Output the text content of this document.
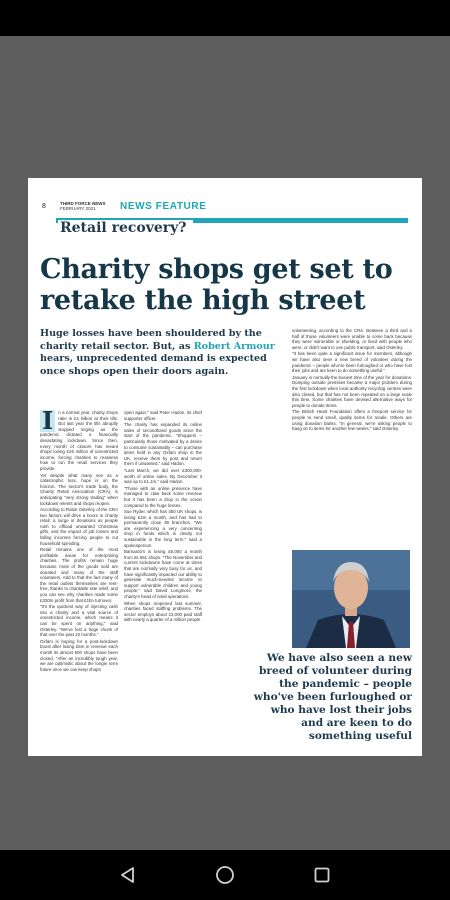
8	THIRD FORCE NEWS
FEBRUARY 2021	NEWS FEATURE
Retail recovery?
Charity shops get set to retake the high street
Huge losses have been shouldered by the charity retail sector. But, as Robert Armour hears, unprecedented demand is expected once shops open their doors again.
I	n a normal year, charity shops rake in £1 billion at their tills. But last year the tills abruptly stopped ringing as the pandemic dictated a financially devastating lockdown. Since then, every month of closure has meant shops losing £26 million of unrestricted income, forcing charities to reassess how to run the retail services they provide.

Yet despite what many see as a catastrophic loss, hope is on the horizon. The sector's trade body, the Charity Retail Association (CRA), is anticipating "very strong trading" when lockdown relents and shops reopen.

According to Robin Osterley of the CRA two factors will drive a boom in charity retail: a surge in donations as people rush to offload unwanted Christmas gifts, and the impact of job losses and falling incomes forcing people to cut household spending.

Retail remains one of the most profitable areas for enterprising charities. The profits remain huge because most of the goods sold are donated and many of the staff volunteers. Add to that the fact many of the retail outlets themselves are rent-free, thanks to charitable rate relief, and you can see why charities made some £330m profit from that £1bn turnover.

"It's the quickest way of injecting cash into a charity and a vital source of unrestricted income, which means it can be spent on anything," said Osterley. "We've lost a huge chunk of that over the past 10 months."

Oxfam is hoping for a post-lockdown boost after losing £5m in revenue each month its almost 600 shops have been closed. "After an incredibly tough year, we are optimistic about the longer term future once we can keep shops

open again," said Peter Hadon, its chief supporter officer.

The charity has expanded its online sales of secondhand goods since the start of the pandemic. "Shoppers – particularly those motivated by a desire to consume sustainably – can purchase items held in any Oxfam shop in the UK, receive them by post and return them if unwanted," said Hadon.

"Last March, we did over £300,000-worth of online sales. By December it was up to £1.1m," said Hadon.

"Those with an online presence have managed to claw back some revenue but it has been a drop in the ocean compared to the huge losses.

Sue Ryder, which has 450 UK shops, is losing £2m a month, and has had to permanently close 39 branches. "We are experiencing a very concerning drop in funds which is clearly not sustainable in the long term," said a spokesperson.

Barnardo's is losing £6,000 a month from its 661 shops. "The November and current lockdowns have come at times that are normally very busy for us, and have significantly impacted our ability to generate much-needed income to support vulnerable children and young people," said David Longmore, the charity's head of retail operations.

When shops reopened last summer, charities faced staffing problems. The sector employs about 23,000 paid staff with nearly a quarter of a million people

volunteering, according to the CRA. Between a third and a half of those volunteers were unable to come back because they were vulnerable or shielding, or lived with people who were, or didn't want to use public transport, said Osterley.

"It has been quite a significant issue for members, although we have also seen a new breed of volunteer during the pandemic – people who've been furloughed or who have lost their jobs and are keen to do something useful."

January is normally the busiest time of the year for donations. Dumping outside premises became a major problem during the first lockdown when local authority recycling centres were also closed, but that has not been repeated on a large scale this time. Some charities have devised alternative ways for people to donate items.

The British Heart Foundation offers a freepost service for people to send small, quality items for resale. Others are using donation banks. "In general, we're asking people to hang on to items for another few weeks," said Osterley.

We have also seen a new breed of volunteer during the pandemic – people who've been furloughed or who have lost their jobs and are keen to do something useful
